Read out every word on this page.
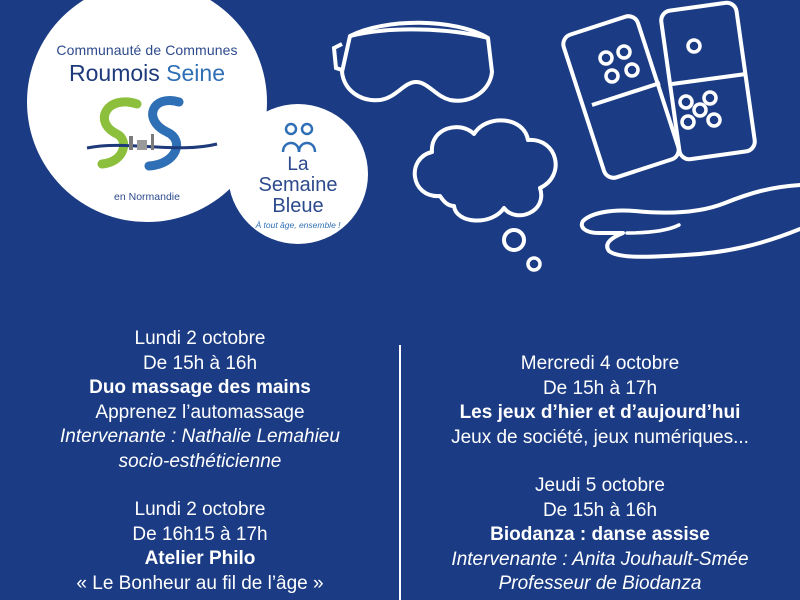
Communauté de Communes
Roumois Seine
en Normandie
La
Semaine
Bleue
À tout âge, ensemble !
Lundi 2 octobre
De 15h à 16h
Duo massage des mains
Apprenez l’automassage
Intervenante : Nathalie Lemahieu
socio-esthéticienne
Lundi 2 octobre
De 16h15 à 17h
Atelier Philo
« Le Bonheur au fil de l’âge »
Mercredi 4 octobre
De 15h à 17h
Les jeux d’hier et d’aujourd’hui
Jeux de société, jeux numériques...
Jeudi 5 octobre
De 15h à 16h
Biodanza : danse assise
Intervenante : Anita Jouhault-Smée
Professeur de Biodanza
